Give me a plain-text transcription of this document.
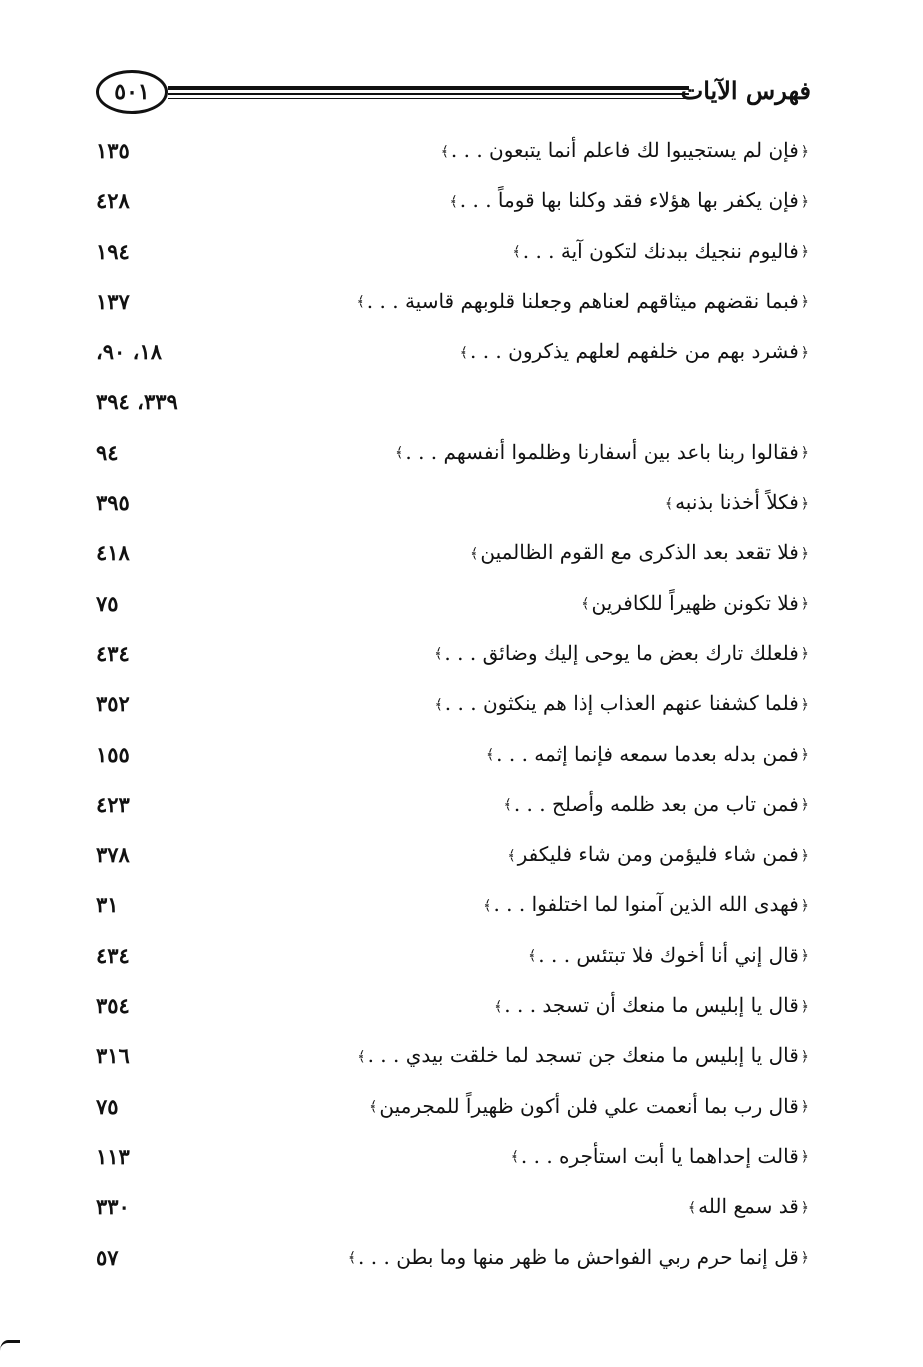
٥٠١	فهرس الآيات
﴿فإن لم يستجيبوا لك فاعلم أنما يتبعون . . .﴾
١٣٥
﴿فإن يكفر بها هؤلاء فقد وكلنا بها قوماً . . .﴾
٤٢٨
﴿فاليوم ننجيك ببدنك لتكون آية . . .﴾
١٩٤
﴿فبما نقضهم ميثاقهم لعناهم وجعلنا قلوبهم قاسية . . .﴾
١٣٧
﴿فشرد بهم من خلفهم لعلهم يذكرون . . .﴾
١٨، ٩٠،
٣٣٩، ٣٩٤
﴿فقالوا ربنا باعد بين أسفارنا وظلموا أنفسهم . . .﴾
٩٤
﴿فكلاً أخذنا بذنبه﴾
٣٩٥
﴿فلا تقعد بعد الذكرى مع القوم الظالمين﴾
٤١٨
﴿فلا تكونن ظهيراً للكافرين﴾
٧٥
﴿فلعلك تارك بعض ما يوحى إليك وضائق . . .﴾
٤٣٤
﴿فلما كشفنا عنهم العذاب إذا هم ينكثون . . .﴾
٣٥٢
﴿فمن بدله بعدما سمعه فإنما إثمه . . .﴾
١٥٥
﴿فمن تاب من بعد ظلمه وأصلح . . .﴾
٤٢٣
﴿فمن شاء فليؤمن ومن شاء فليكفر﴾
٣٧٨
﴿فهدى الله الذين آمنوا لما اختلفوا . . .﴾
٣١
﴿قال إني أنا أخوك فلا تبتئس . . .﴾
٤٣٤
﴿قال يا إبليس ما منعك أن تسجد . . .﴾
٣٥٤
﴿قال يا إبليس ما منعك جن تسجد لما خلقت بيدي . . .﴾
٣١٦
﴿قال رب بما أنعمت علي فلن أكون ظهيراً للمجرمين﴾
٧٥
﴿قالت إحداهما يا أبت استأجره . . .﴾
١١٣
﴿قد سمع الله﴾
٣٣٠
﴿قل إنما حرم ربي الفواحش ما ظهر منها وما بطن . . .﴾
٥٧
